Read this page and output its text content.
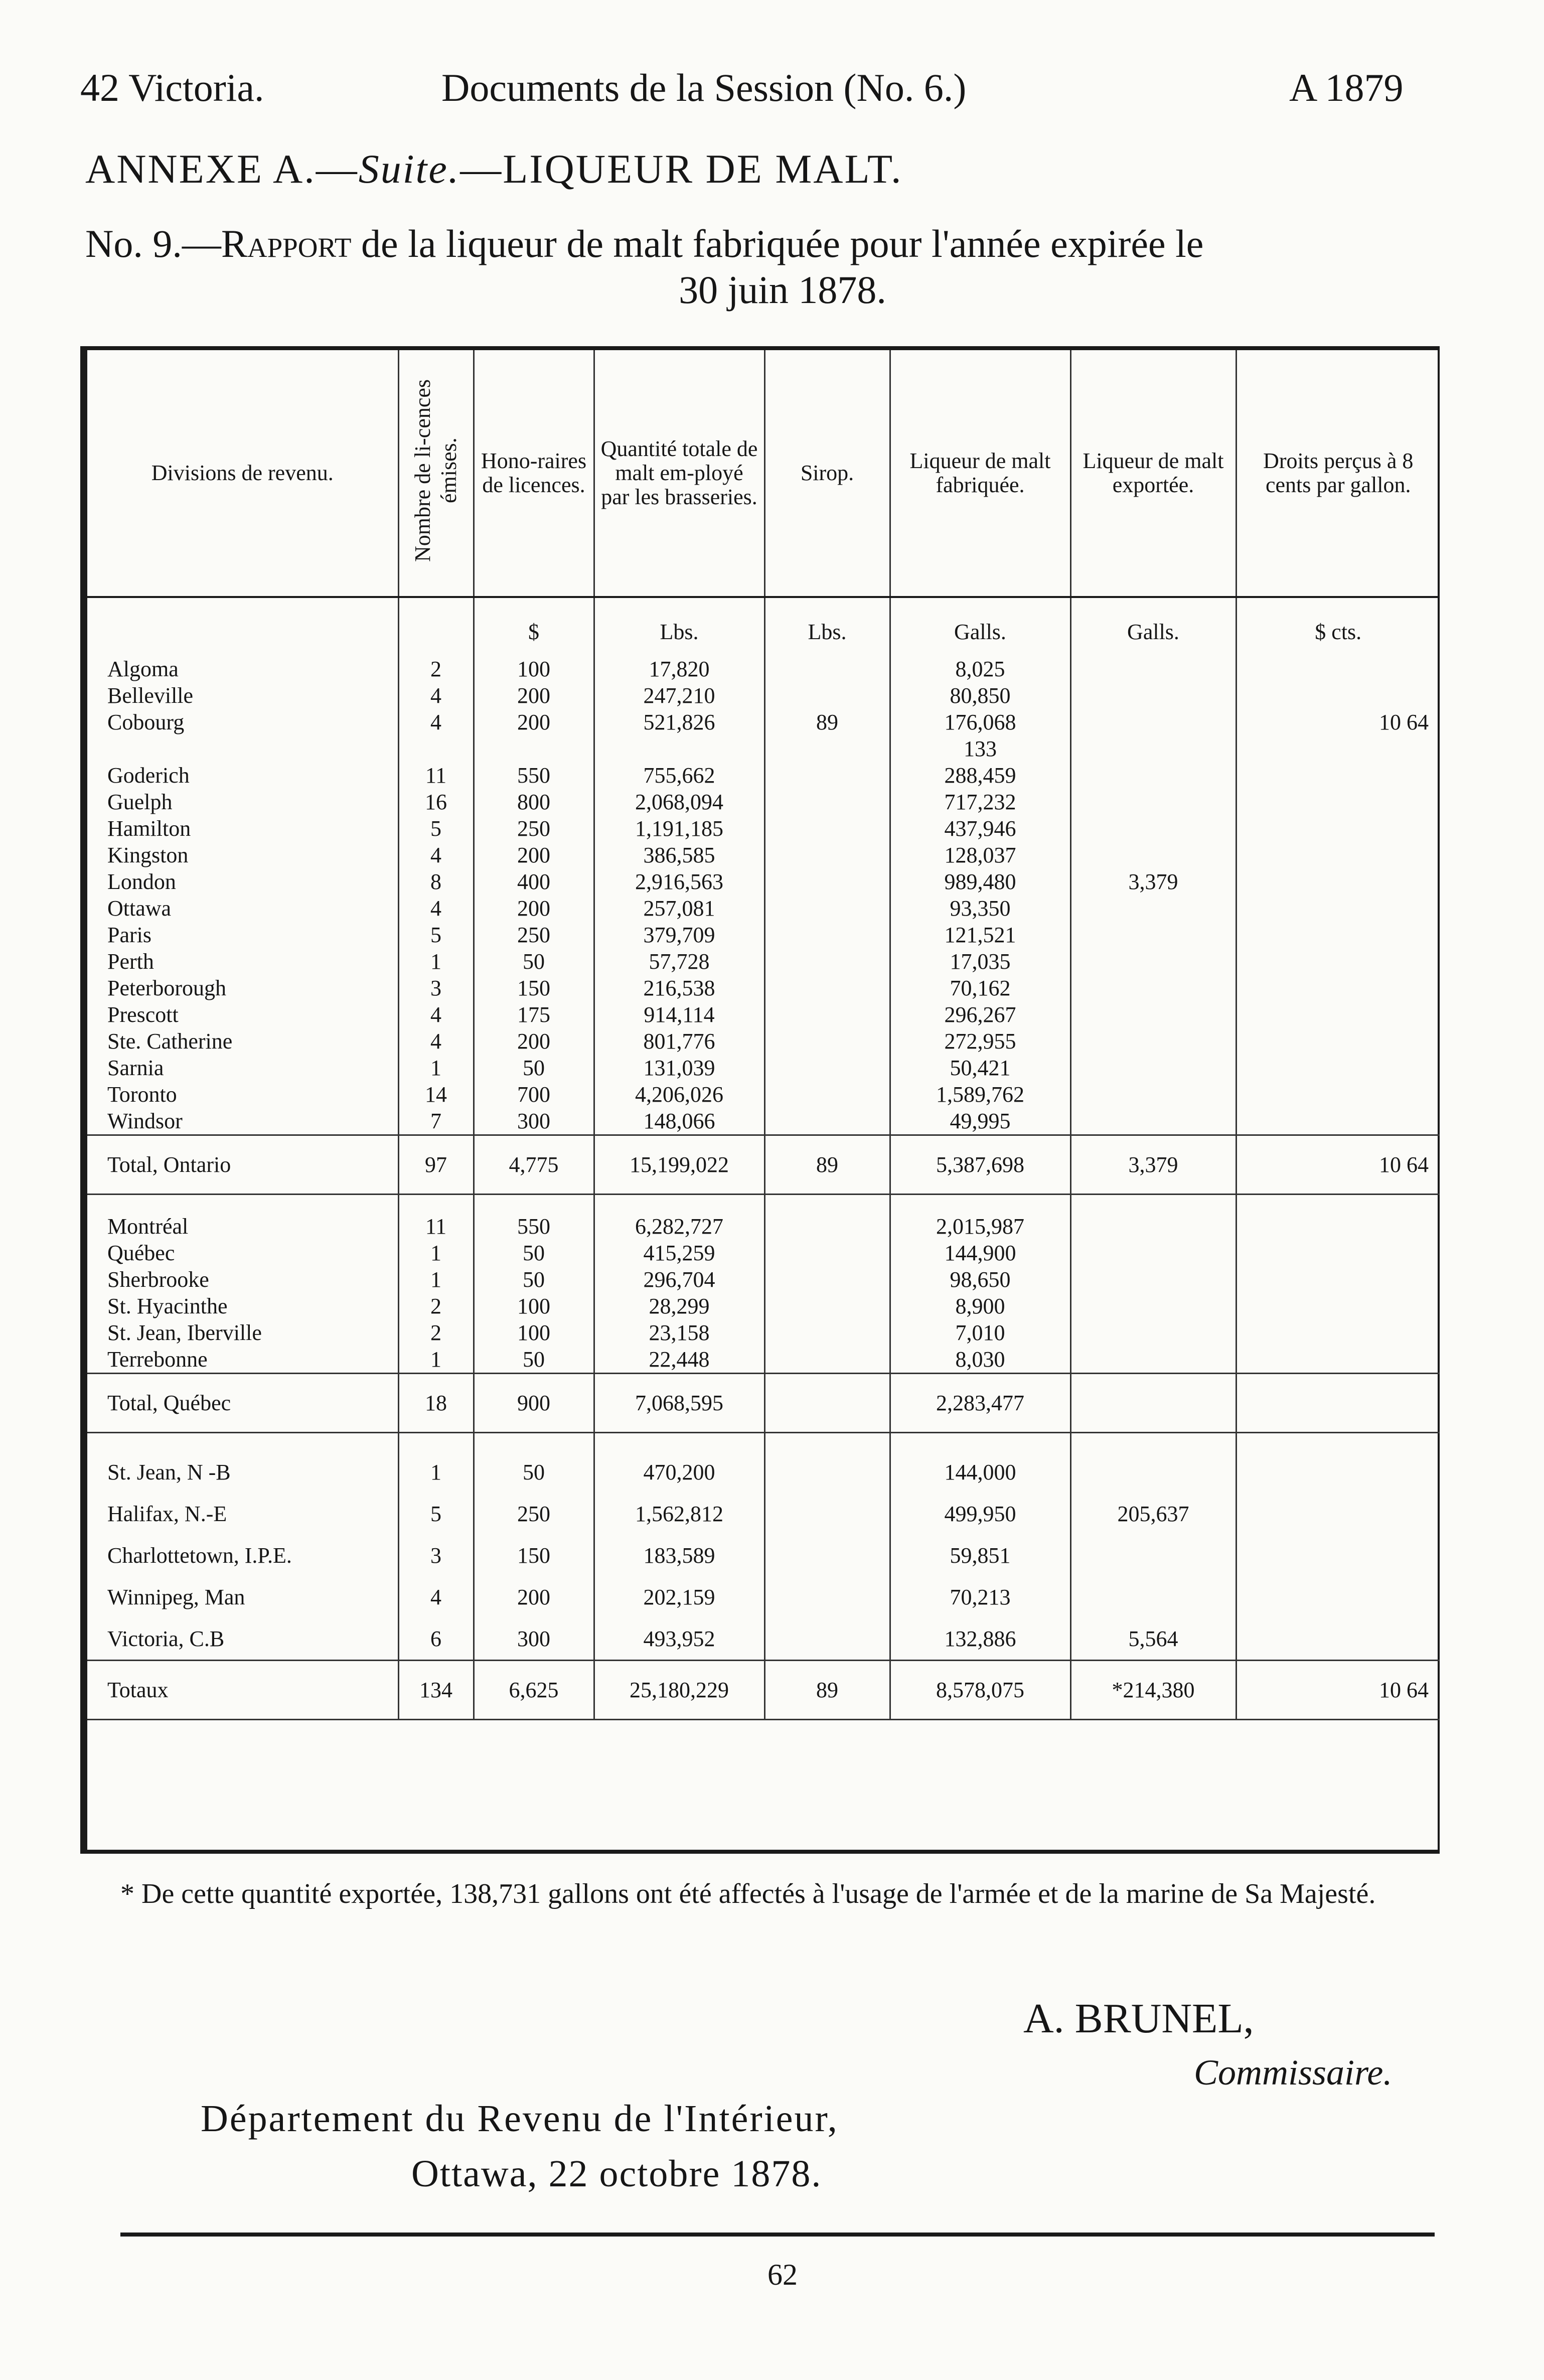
42 Victoria.	Documents de la Session (No. 6.)	A 1879
ANNEXE A.—Suite.—LIQUEUR DE MALT.
No. 9.—Rapport de la liqueur de malt fabriquée pour l'année expirée le
30 juin 1878.
Divisions de revenu.	Nombre de li-cences émises.	Hono-raires de licences.	Quantité totale de malt em-ployé par les brasseries.	Sirop.	Liqueur de malt fabriquée.	Liqueur de malt exportée.	Droits perçus à 8 cents par gallon.
		$	Lbs.	Lbs.	Galls.	Galls.	$ cts.
Algoma	2	100	17,820		8,025		
Belleville	4	200	247,210		80,850		
Cobourg	4	200	521,826	89	176,068		10 64
					133		
Goderich	11	550	755,662		288,459		
Guelph	16	800	2,068,094		717,232		
Hamilton	5	250	1,191,185		437,946		
Kingston	4	200	386,585		128,037		
London	8	400	2,916,563		989,480	3,379	
Ottawa	4	200	257,081		93,350		
Paris	5	250	379,709		121,521		
Perth	1	50	57,728		17,035		
Peterborough	3	150	216,538		70,162		
Prescott	4	175	914,114		296,267		
Ste. Catherine	4	200	801,776		272,955		
Sarnia	1	50	131,039		50,421		
Toronto	14	700	4,206,026		1,589,762		
Windsor	7	300	148,066		49,995		
Total, Ontario	97	4,775	15,199,022	89	5,387,698	3,379	10 64

Montréal	11	550	6,282,727		2,015,987		
Québec	1	50	415,259		144,900		
Sherbrooke	1	50	296,704		98,650		
St. Hyacinthe	2	100	28,299		8,900		
St. Jean, Iberville	2	100	23,158		7,010		
Terrebonne	1	50	22,448		8,030		
Total, Québec	18	900	7,068,595		2,283,477		

St. Jean, N -B	1	50	470,200		144,000		
Halifax, N.-E	5	250	1,562,812		499,950	205,637	
Charlottetown, I.P.E.	3	150	183,589		59,851		
Winnipeg, Man	4	200	202,159		70,213		
Victoria, C.B	6	300	493,952		132,886	5,564	
Totaux	134	6,625	25,180,229	89	8,578,075	*214,380	10 64
* De cette quantité exportée, 138,731 gallons ont été affectés à l'usage de l'armée et de la marine de Sa Majesté.
A. BRUNEL,
Commissaire.
Département du Revenu de l'Intérieur,
Ottawa, 22 octobre 1878.
62
